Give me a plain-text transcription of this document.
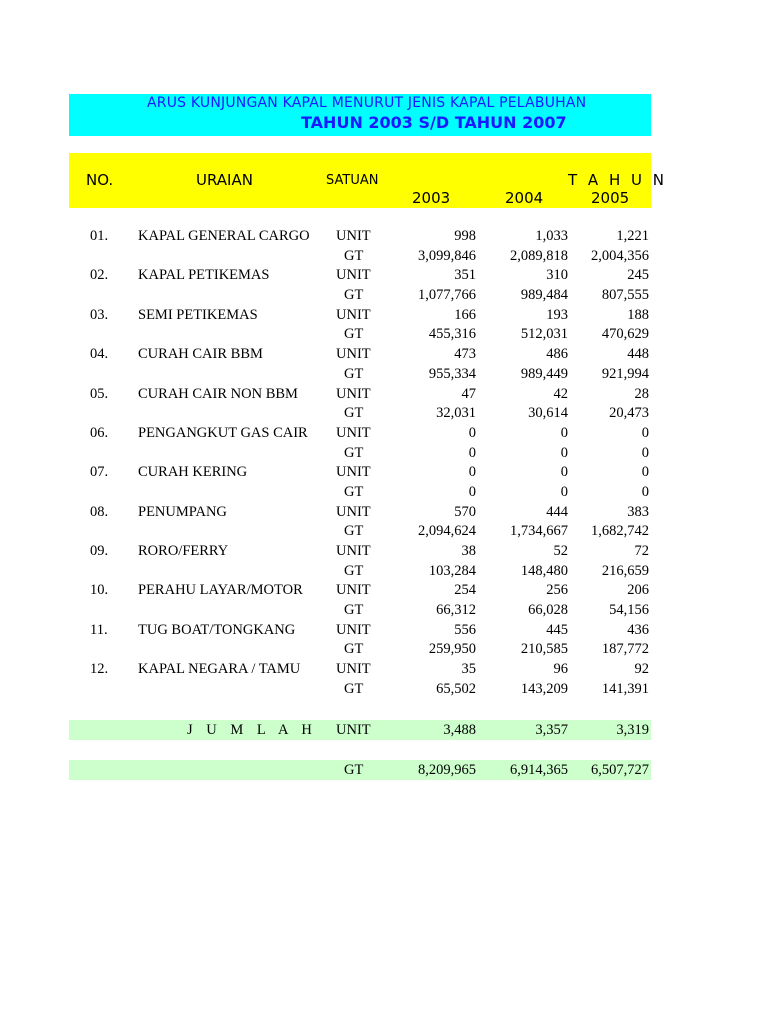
ARUS KUNJUNGAN KAPAL MENURUT JENIS KAPAL PELABUHAN
TAHUN 2003 S/D TAHUN 2007
NO.	URAIAN	SATUAN	T A H U N
2003	2004	2005
01. KAPAL GENERAL CARGO UNIT	998	1,033	1,221
GT	3,099,846 2,089,818 2,004,356
02. KAPAL PETIKEMAS	UNIT	351	310	245
GT	1,077,766	989,484 807,555
03. SEMI PETIKEMAS	UNIT	166	193	188
GT	455,316	512,031 470,629
04. CURAH CAIR BBM	UNIT	473	486	448
GT	955,334	989,449 921,994
05. CURAH CAIR NON BBM	UNIT	47	42	28
GT	32,031	30,614	20,473
06. PENGANGKUT GAS CAIR UNIT	0	0	0
GT	0	0	0
07. CURAH KERING	UNIT	0	0	0
GT	0	0	0
08. PENUMPANG	UNIT	570	444	383
GT	2,094,624 1,734,667 1,682,742
09. RORO/FERRY	UNIT	38	52	72
GT	103,284	148,480 216,659
10. PERAHU LAYAR/MOTOR UNIT	254	256	206
GT	66,312	66,028	54,156
11. TUG BOAT/TONGKANG	UNIT	556	445	436
GT	259,950	210,585 187,772
12. KAPAL NEGARA / TAMU UNIT	35	96	92
GT	65,502	143,209 141,391
J U M L A H UNIT	3,488	3,357	3,319
GT	8,209,965 6,914,365 6,507,727
